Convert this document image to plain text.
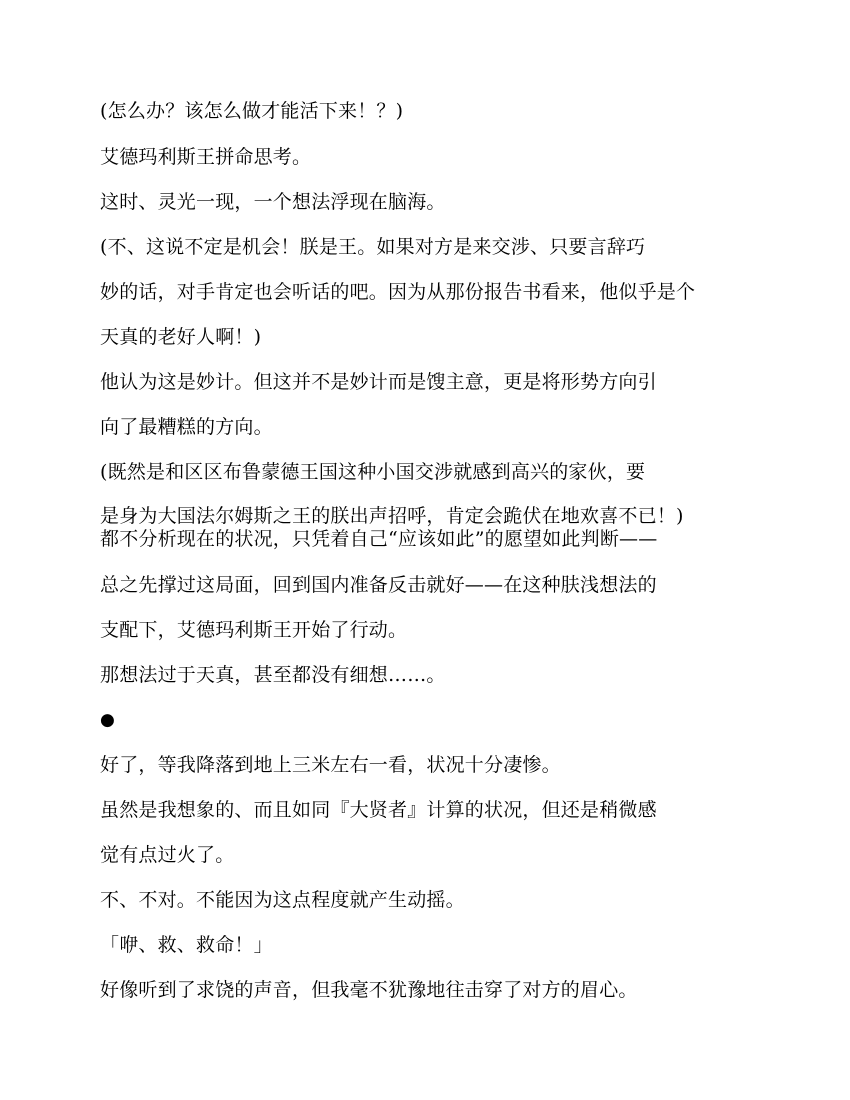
(怎么办？该怎么做才能活下来！？)

艾德玛利斯王拼命思考。

这时、灵光一现，一个想法浮现在脑海。

(不、这说不定是机会！朕是王。如果对方是来交涉、只要言辞巧

妙的话，对手肯定也会听话的吧。因为从那份报告书看来，他似乎是个

天真的老好人啊！)

他认为这是妙计。但这并不是妙计而是馊主意，更是将形势方向引

向了最糟糕的方向。

(既然是和区区布鲁蒙德王国这种小国交涉就感到高兴的家伙，要

是身为大国法尔姆斯之王的朕出声招呼，肯定会跪伏在地欢喜不已！)

都不分析现在的状况，只凭着自己“应该如此”的愿望如此判断——

总之先撑过这局面，回到国内准备反击就好——在这种肤浅想法的

支配下，艾德玛利斯王开始了行动。

那想法过于天真，甚至都没有细想……。

●

好了，等我降落到地上三米左右一看，状况十分凄惨。

虽然是我想象的、而且如同『大贤者』计算的状况，但还是稍微感

觉有点过火了。

不、不对。不能因为这点程度就产生动摇。

「咿、救、救命！」

好像听到了求饶的声音，但我毫不犹豫地往击穿了对方的眉心。
